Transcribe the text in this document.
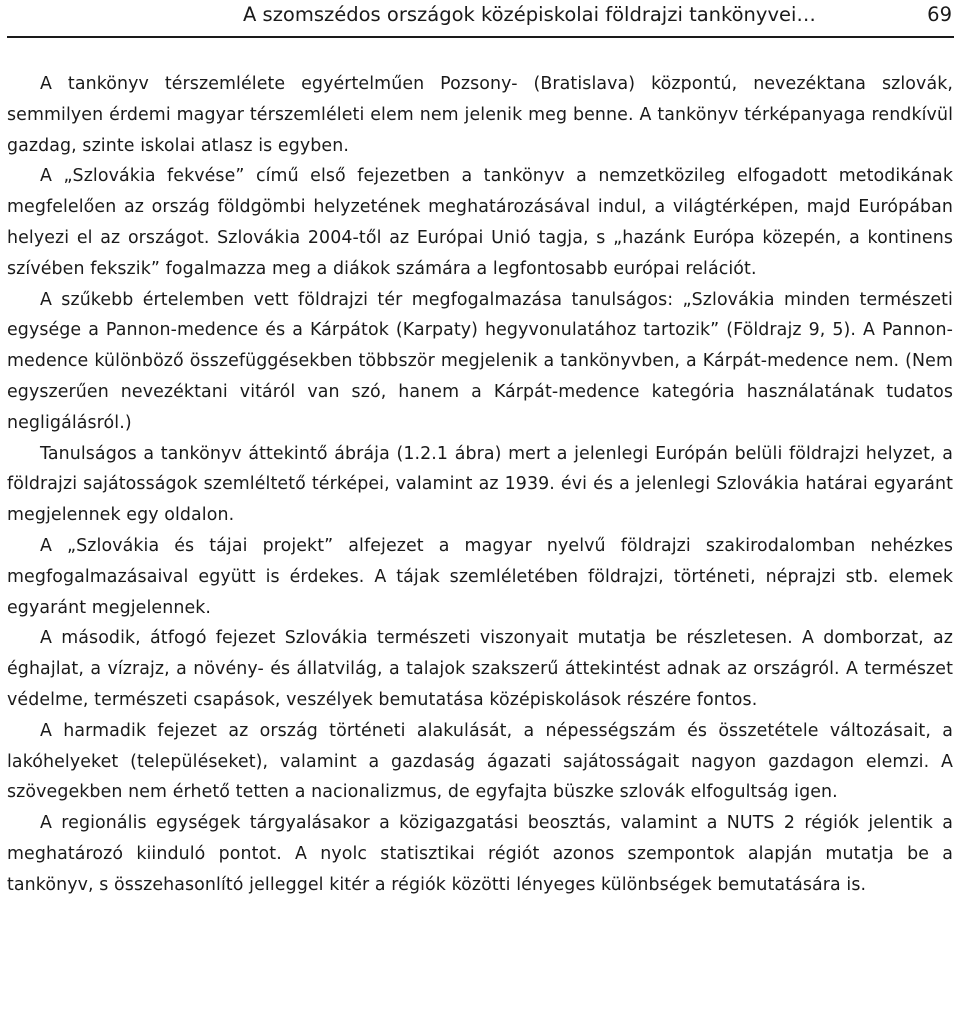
A szomszédos országok középiskolai földrajzi tankönyvei…	69

A tankönyv térszemlélete egyértelműen Pozsony- (Bratislava) központú, nevezéktana szlovák, semmilyen érdemi magyar térszemléleti elem nem jelenik meg benne. A tankönyv térképanyaga rendkívül gazdag, szinte iskolai atlasz is egyben.

A „Szlovákia fekvése” című első fejezetben a tankönyv a nemzetközileg elfogadott metodikának megfelelően az ország földgömbi helyzetének meghatározásával indul, a világtérképen, majd Európában helyezi el az országot. Szlovákia 2004-től az Európai Unió tagja, s „hazánk Európa közepén, a kontinens szívében fekszik” fogalmazza meg a diákok számára a legfontosabb európai relációt.

A szűkebb értelemben vett földrajzi tér megfogalmazása tanulságos: „Szlovákia minden természeti egysége a Pannon-medence és a Kárpátok (Karpaty) hegyvonulatához tartozik” (Földrajz 9, 5). A Pannon-medence különböző összefüggésekben többször megjelenik a tankönyvben, a Kárpát-medence nem. (Nem egyszerűen nevezéktani vitáról van szó, hanem a Kárpát-medence kategória használatának tudatos negligálásról.)

Tanulságos a tankönyv áttekintő ábrája (1.2.1 ábra) mert a jelenlegi Európán belüli földrajzi helyzet, a földrajzi sajátosságok szemléltető térképei, valamint az 1939. évi és a jelenlegi Szlovákia határai egyaránt megjelennek egy oldalon.

A „Szlovákia és tájai projekt” alfejezet a magyar nyelvű földrajzi szakirodalomban nehézkes megfogalmazásaival együtt is érdekes. A tájak szemléletében földrajzi, történeti, néprajzi stb. elemek egyaránt megjelennek.

A második, átfogó fejezet Szlovákia természeti viszonyait mutatja be részletesen. A domborzat, az éghajlat, a vízrajz, a növény- és állatvilág, a talajok szakszerű áttekintést adnak az országról. A természet védelme, természeti csapások, veszélyek bemutatása középiskolások részére fontos.

A harmadik fejezet az ország történeti alakulását, a népességszám és összetétele változásait, a lakóhelyeket (településeket), valamint a gazdaság ágazati sajátosságait nagyon gazdagon elemzi. A szövegekben nem érhető tetten a nacionalizmus, de egyfajta büszke szlovák elfogultság igen.

A regionális egységek tárgyalásakor a közigazgatási beosztás, valamint a NUTS 2 régiók jelentik a meghatározó kiinduló pontot. A nyolc statisztikai régiót azonos szempontok alapján mutatja be a tankönyv, s összehasonlító jelleggel kitér a régiók közötti lényeges különbségek bemutatására is.
